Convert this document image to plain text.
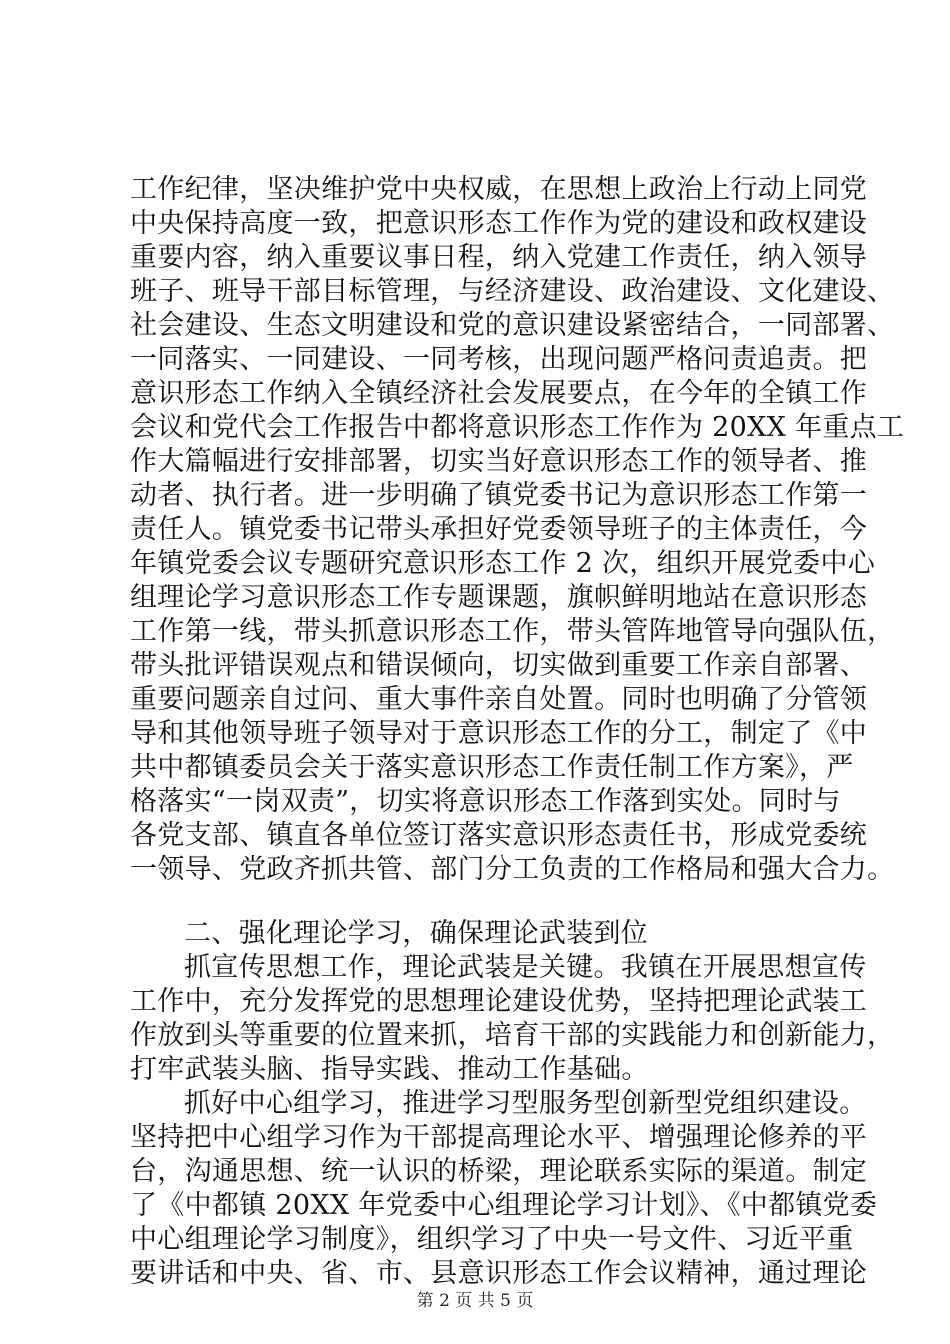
工作纪律，坚决维护党中央权威，在思想上政治上行动上同党
中央保持高度一致，把意识形态工作作为党的建设和政权建设
重要内容，纳入重要议事日程，纳入党建工作责任，纳入领导
班子、班导干部目标管理，与经济建设、政治建设、文化建设、
社会建设、生态文明建设和党的意识建设紧密结合，一同部署、
一同落实、一同建设、一同考核，出现问题严格问责追责。把
意识形态工作纳入全镇经济社会发展要点，在今年的全镇工作
会议和党代会工作报告中都将意识形态工作作为 20XX 年重点工
作大篇幅进行安排部署，切实当好意识形态工作的领导者、推
动者、执行者。进一步明确了镇党委书记为意识形态工作第一
责任人。镇党委书记带头承担好党委领导班子的主体责任，今
年镇党委会议专题研究意识形态工作 2 次，组织开展党委中心
组理论学习意识形态工作专题课题，旗帜鲜明地站在意识形态
工作第一线，带头抓意识形态工作，带头管阵地管导向强队伍，
带头批评错误观点和错误倾向，切实做到重要工作亲自部署、
重要问题亲自过问、重大事件亲自处置。同时也明确了分管领
导和其他领导班子领导对于意识形态工作的分工，制定了《中
共中都镇委员会关于落实意识形态工作责任制工作方案》，严
格落实“一岗双责”，切实将意识形态工作落到实处。同时与
各党支部、镇直各单位签订落实意识形态责任书，形成党委统
一领导、党政齐抓共管、部门分工负责的工作格局和强大合力。
二、强化理论学习，确保理论武装到位
抓宣传思想工作，理论武装是关键。我镇在开展思想宣传
工作中，充分发挥党的思想理论建设优势，坚持把理论武装工
作放到头等重要的位置来抓，培育干部的实践能力和创新能力，
打牢武装头脑、指导实践、推动工作基础。
抓好中心组学习，推进学习型服务型创新型党组织建设。
坚持把中心组学习作为干部提高理论水平、增强理论修养的平
台，沟通思想、统一认识的桥梁，理论联系实际的渠道。制定
了《中都镇 20XX 年党委中心组理论学习计划》、《中都镇党委
中心组理论学习制度》，组织学习了中央一号文件、习近平重
要讲话和中央、省、市、县意识形态工作会议精神，通过理论
第 2 页 共 5 页
